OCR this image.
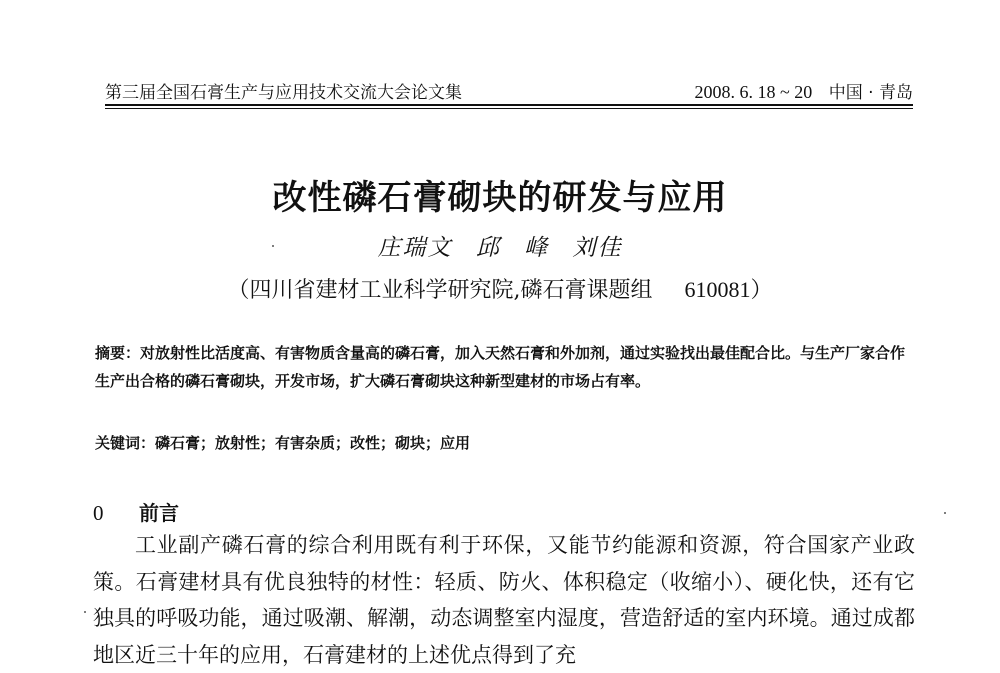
第三届全国石膏生产与应用技术交流大会论文集	2008. 6. 18 ~ 20 中国 · 青岛
改性磷石膏砌块的研发与应用
庄瑞文 邱 峰 刘佳
（四川省建材工业科学研究院,磷石膏课题组 610081）
摘要：对放射性比活度高、有害物质含量高的磷石膏，加入天然石膏和外加剂，通过实验找出最佳配合比。与生产厂家合作生产出合格的磷石膏砌块，开发市场，扩大磷石膏砌块这种新型建材的市场占有率。
关键词：磷石膏；放射性；有害杂质；改性；砌块；应用
0 前言
工业副产磷石膏的综合利用既有利于环保，又能节约能源和资源，符合国家产业政策。石膏建材具有优良独特的材性：轻质、防火、体积稳定（收缩小）、硬化快，还有它独具的呼吸功能，通过吸潮、解潮，动态调整室内湿度，营造舒适的室内环境。通过成都地区近三十年的应用，石膏建材的上述优点得到了充
